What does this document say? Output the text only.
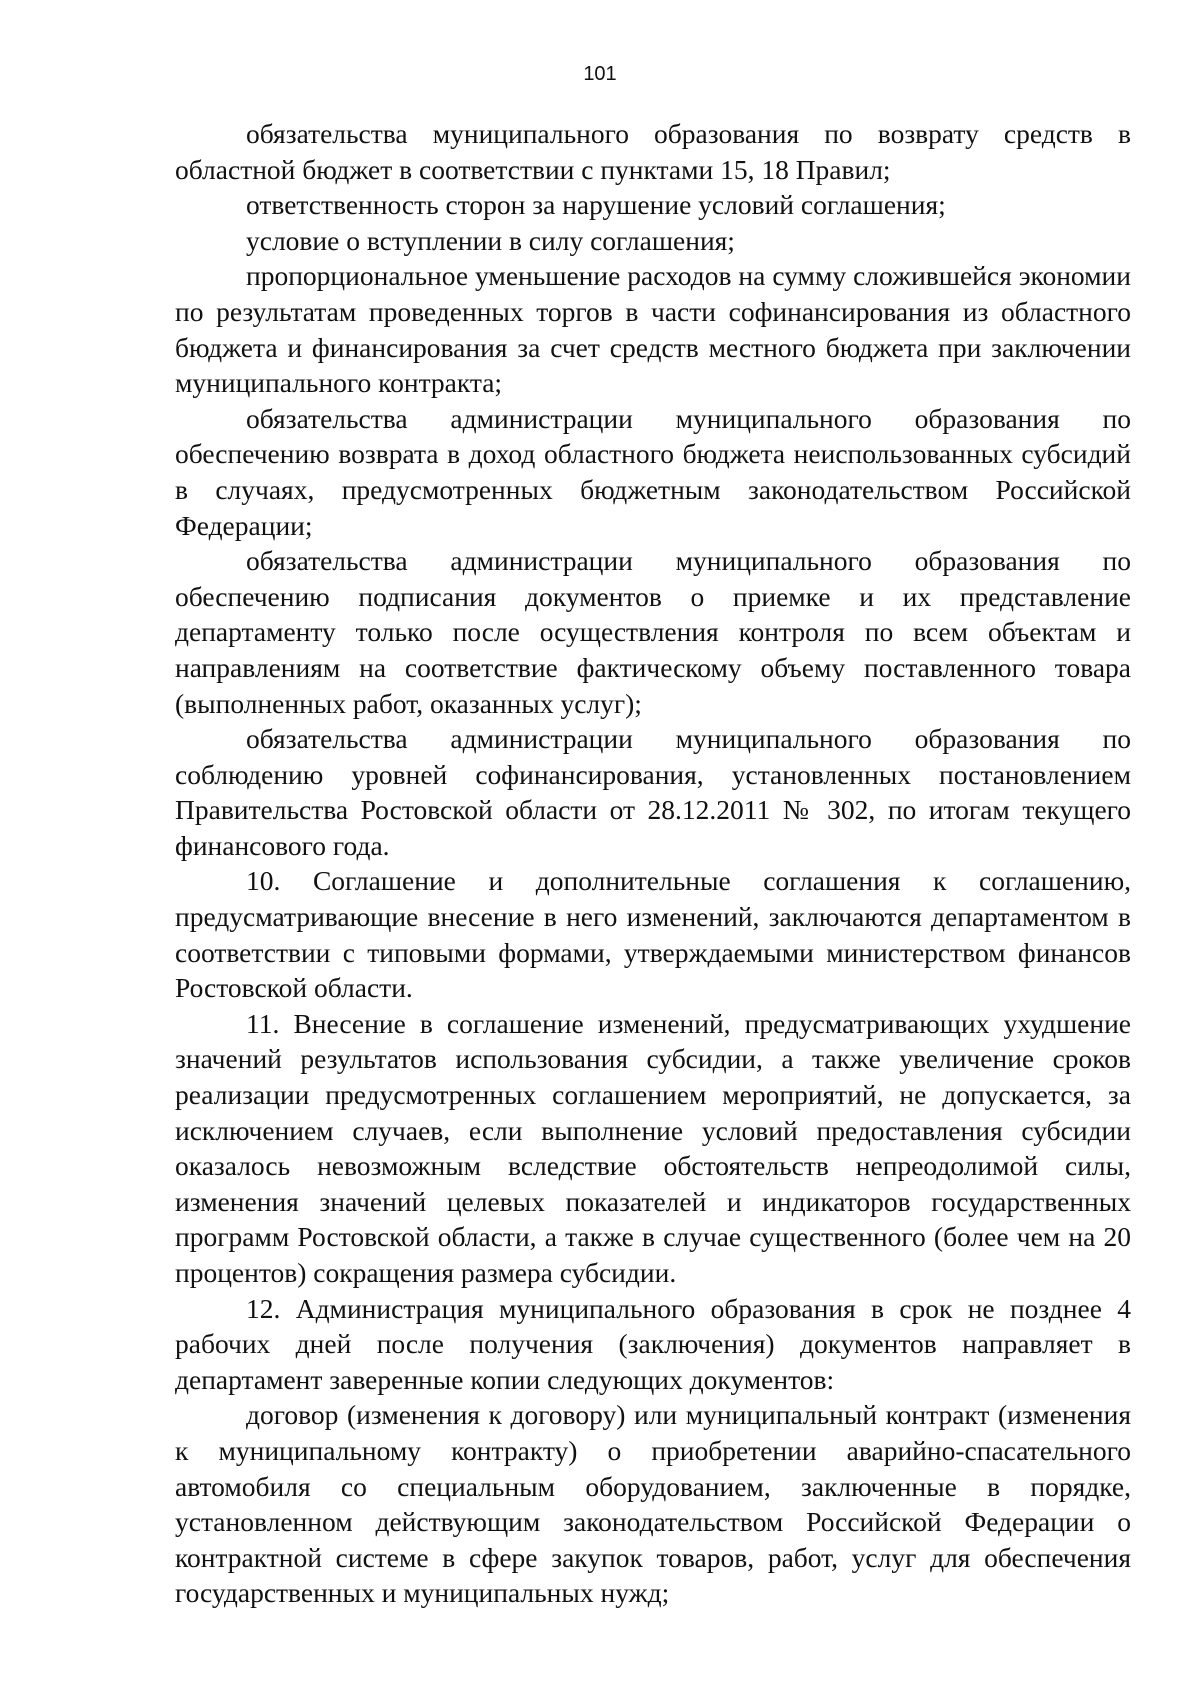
101

обязательства муниципального образования по возврату средств в областной бюджет в соответствии с пунктами 15, 18 Правил;

ответственность сторон за нарушение условий соглашения;

условие о вступлении в силу соглашения;

пропорциональное уменьшение расходов на сумму сложившейся экономии по результатам проведенных торгов в части софинансирования из областного бюджета и финансирования за счет средств местного бюджета при заключении муниципального контракта;

обязательства администрации муниципального образования по обеспечению возврата в доход областного бюджета неиспользованных субсидий в случаях, предусмотренных бюджетным законодательством Российской Федерации;

обязательства администрации муниципального образования по обеспечению подписания документов о приемке и их представление департаменту только после осуществления контроля по всем объектам и направлениям на соответствие фактическому объему поставленного товара (выполненных работ, оказанных услуг);

обязательства администрации муниципального образования по соблюдению уровней софинансирования, установленных постановлением Правительства Ростовской области от 28.12.2011 № 302, по итогам текущего финансового года.

10. Соглашение и дополнительные соглашения к соглашению, предусматривающие внесение в него изменений, заключаются департаментом в соответствии с типовыми формами, утверждаемыми министерством финансов Ростовской области.

11. Внесение в соглашение изменений, предусматривающих ухудшение значений результатов использования субсидии, а также увеличение сроков реализации предусмотренных соглашением мероприятий, не допускается, за исключением случаев, если выполнение условий предоставления субсидии оказалось невозможным вследствие обстоятельств непреодолимой силы, изменения значений целевых показателей и индикаторов государственных программ Ростовской области, а также в случае существенного (более чем на 20 процентов) сокращения размера субсидии.

12. Администрация муниципального образования в срок не позднее 4 рабочих дней после получения (заключения) документов направляет в департамент заверенные копии следующих документов:

договор (изменения к договору) или муниципальный контракт (изменения к муниципальному контракту) о приобретении аварийно-спасательного автомобиля со специальным оборудованием, заключенные в порядке, установленном действующим законодательством Российской Федерации о контрактной системе в сфере закупок товаров, работ, услуг для обеспечения государственных и муниципальных нужд;
